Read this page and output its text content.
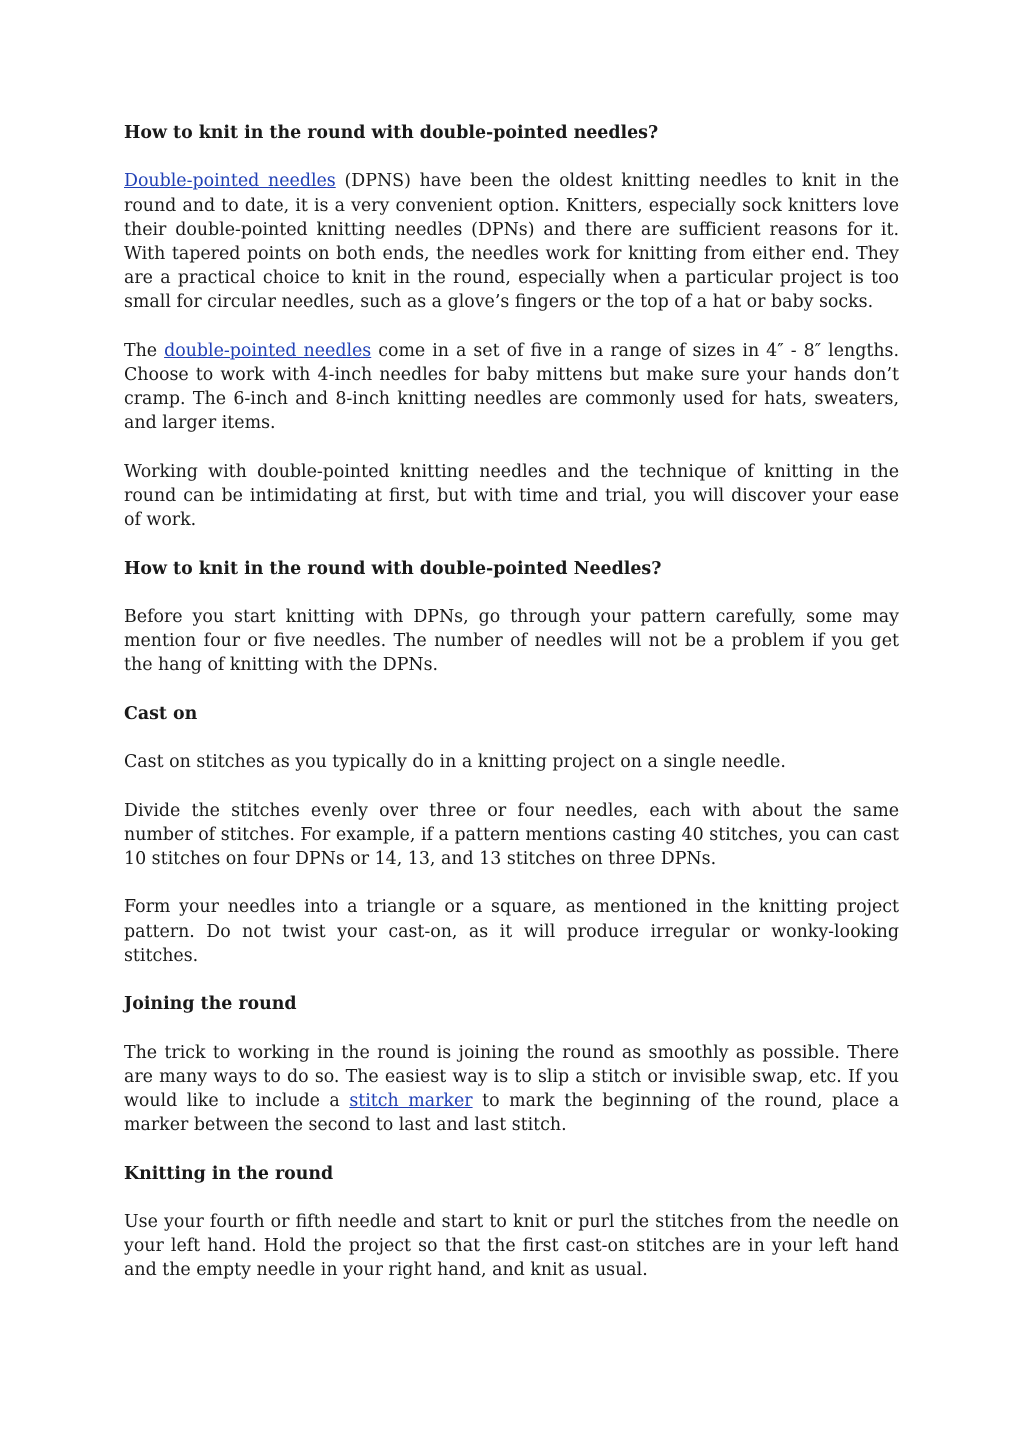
How to knit in the round with double-pointed needles?

Double-pointed needles (DPNS) have been the oldest knitting needles to knit in the round and to date, it is a very convenient option. Knitters, especially sock knitters love their double-pointed knitting needles (DPNs) and there are sufficient reasons for it. With tapered points on both ends, the needles work for knitting from either end. They are a practical choice to knit in the round, especially when a particular project is too small for circular needles, such as a glove’s fingers or the top of a hat or baby socks.

The double-pointed needles come in a set of five in a range of sizes in 4″ - 8″ lengths. Choose to work with 4-inch needles for baby mittens but make sure your hands don’t cramp. The 6-inch and 8-inch knitting needles are commonly used for hats, sweaters, and larger items.

Working with double-pointed knitting needles and the technique of knitting in the round can be intimidating at first, but with time and trial, you will discover your ease of work.

How to knit in the round with double-pointed Needles?

Before you start knitting with DPNs, go through your pattern carefully, some may mention four or five needles. The number of needles will not be a problem if you get the hang of knitting with the DPNs.

Cast on

Cast on stitches as you typically do in a knitting project on a single needle.

Divide the stitches evenly over three or four needles, each with about the same number of stitches. For example, if a pattern mentions casting 40 stitches, you can cast 10 stitches on four DPNs or 14, 13, and 13 stitches on three DPNs.

Form your needles into a triangle or a square, as mentioned in the knitting project pattern. Do not twist your cast-on, as it will produce irregular or wonky-looking stitches.

Joining the round

The trick to working in the round is joining the round as smoothly as possible. There are many ways to do so. The easiest way is to slip a stitch or invisible swap, etc. If you would like to include a stitch marker to mark the beginning of the round, place a marker between the second to last and last stitch.

Knitting in the round

Use your fourth or fifth needle and start to knit or purl the stitches from the needle on your left hand. Hold the project so that the first cast-on stitches are in your left hand and the empty needle in your right hand, and knit as usual.
